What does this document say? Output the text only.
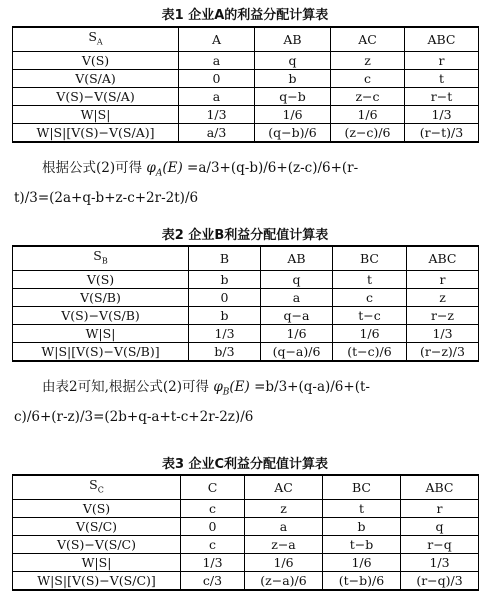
表1 企业A的利益分配计算表
$S_A$	A	AB	AC	ABC
V(S)	a	q	z	r
V(S/A)	0	b	c	t
V(S)−V(S/A)	a	q−b	z−c	r−t
W|S|	1/3	1/6	1/6	1/3
W|S|[V(S)−V(S/A)]	a/3	(q−b)/6	(z−c)/6	(r−t)/3
根据公式(2)可得 $\varphi_A(E) =a/3+(q-b)/6+(z-c)/6+(r-$
t)/3=(2a+q-b+z-c+2r-2t)/6
表2 企业B利益分配值计算表
$S_B$	B	AB	BC	ABC
V(S)	b	q	t	r
V(S/B)	0	a	c	z
V(S)−V(S/B)	b	q−a	t−c	r−z
W|S|	1/3	1/6	1/6	1/3
W|S|[V(S)−V(S/B)]	b/3	(q−a)/6	(t−c)/6	(r−z)/3
由表2可知,根据公式(2)可得 $\varphi_B(E) =b/3+(q-a)/6+(t-$
c)/6+(r-z)/3=(2b+q-a+t-c+2r-2z)/6
表3 企业C利益分配值计算表
$S_C$	C	AC	BC	ABC
V(S)	c	z	t	r
V(S/C)	0	a	b	q
V(S)−V(S/C)	c	z−a	t−b	r−q
W|S|	1/3	1/6	1/6	1/3
W|S|[V(S)−V(S/C)]	c/3	(z−a)/6	(t−b)/6	(r−q)/3
